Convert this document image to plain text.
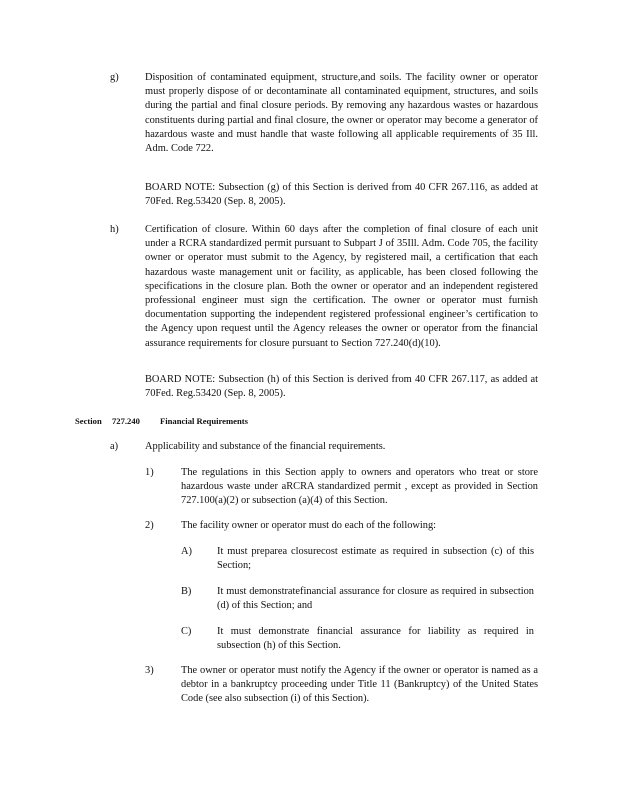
g)	Disposition of contaminated equipment, structure,and soils. The facility owner or operator must properly dispose of or decontaminate all contaminated equipment, structures, and soils during the partial and final closure periods. By removing any hazardous wastes or hazardous constituents during partial and final closure, the owner or operator may become a generator of hazardous waste and must handle that waste following all applicable requirements of 35 Ill. Adm. Code 722.
BOARD NOTE: Subsection (g) of this Section is derived from 40 CFR 267.116, as added at 70Fed. Reg.53420 (Sep. 8, 2005).
h)	Certification of closure. Within 60 days after the completion of final closure of each unit under a RCRA standardized permit pursuant to Subpart J of 35Ill. Adm. Code 705, the facility owner or operator must submit to the Agency, by registered mail, a certification that each hazardous waste management unit or facility, as applicable, has been closed following the specifications in the closure plan. Both the owner or operator and an independent registered professional engineer must sign the certification. The owner or operator must furnish documentation supporting the independent registered professional engineer’s certification to the Agency upon request until the Agency releases the owner or operator from the financial assurance requirements for closure pursuant to Section 727.240(d)(10).
BOARD NOTE: Subsection (h) of this Section is derived from 40 CFR 267.117, as added at 70Fed. Reg.53420 (Sep. 8, 2005).
Section 727.240 Financial Requirements
a)	Applicability and substance of the financial requirements.
1)	The regulations in this Section apply to owners and operators who treat or store hazardous waste under aRCRA standardized permit , except as provided in Section 727.100(a)(2) or subsection (a)(4) of this Section.
2)	The facility owner or operator must do each of the following:
A) It must preparea closurecost estimate as required in subsection (c) of this Section;
B) It must demonstratefinancial assurance for closure as required in subsection (d) of this Section; and
C) It must demonstrate financial assurance for liability as required in subsection (h) of this Section.
3)	The owner or operator must notify the Agency if the owner or operator is named as a debtor in a bankruptcy proceeding under Title 11 (Bankruptcy) of the United States Code (see also subsection (i) of this Section).
